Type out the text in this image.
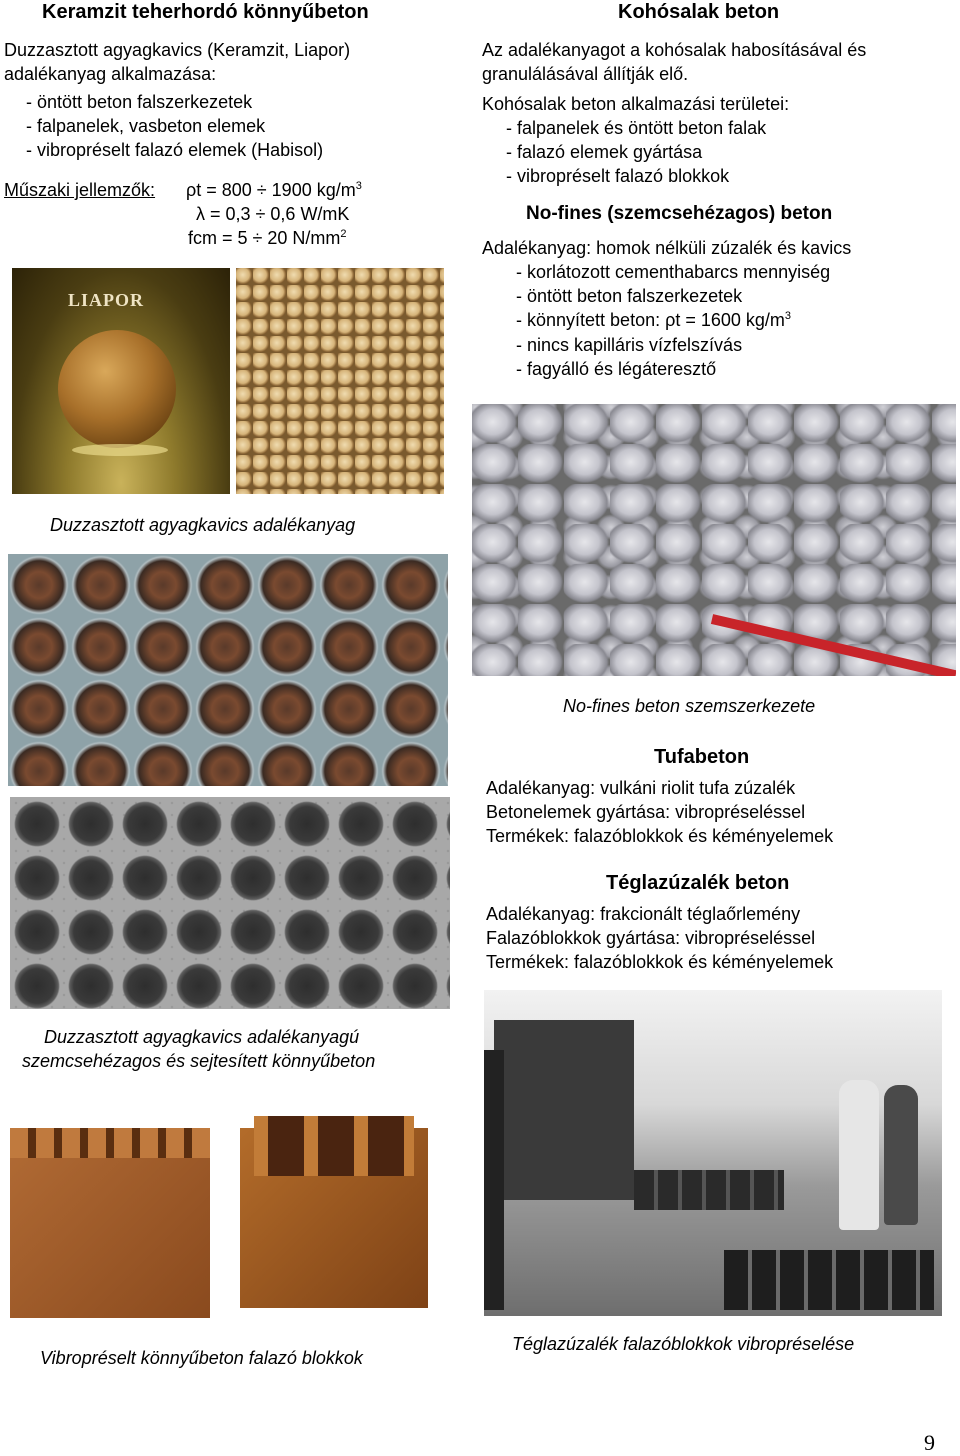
Keramzit teherhordó könnyűbeton
Duzzasztott agyagkavics (Keramzit, Liapor)
adalékanyag alkalmazása:
- öntött beton falszerkezetek
- falpanelek, vasbeton elemek
- vibropréselt falazó elemek (Habisol)
Műszaki jellemzők: ρt = 800 ÷ 1900 $kg/m^3$
λ = 0,3 ÷ 0,6 W/mK
fcm = 5 ÷ 20 $N/mm^2$
LIAPOR
Duzzasztott agyagkavics adalékanyag
Duzzasztott agyagkavics adalékanyagú
szemcsehézagos és sejtesített könnyűbeton
Vibropréselt könnyűbeton falazó blokkok
Kohósalak beton
Az adalékanyagot a kohósalak habosításával és
granulálásával állítják elő.
Kohósalak beton alkalmazási területei:
- falpanelek és öntött beton falak
- falazó elemek gyártása
- vibropréselt falazó blokkok
No-fines (szemcsehézagos) beton
Adalékanyag: homok nélküli zúzalék és kavics
- korlátozott cementhabarcs mennyiség
- öntött beton falszerkezetek
- könnyített beton: ρt = 1600 $kg/m^3$
- nincs kapilláris vízfelszívás
- fagyálló és légáteresztő
No-fines beton szemszerkezete
Tufabeton
Adalékanyag: vulkáni riolit tufa zúzalék
Betonelemek gyártása: vibropréseléssel
Termékek: falazóblokkok és kéményelemek
Téglazúzalék beton
Adalékanyag: frakcionált téglaőrlemény
Falazóblokkok gyártása: vibropréseléssel
Termékek: falazóblokkok és kéményelemek
Téglazúzalék falazóblokkok vibropréselése
9
